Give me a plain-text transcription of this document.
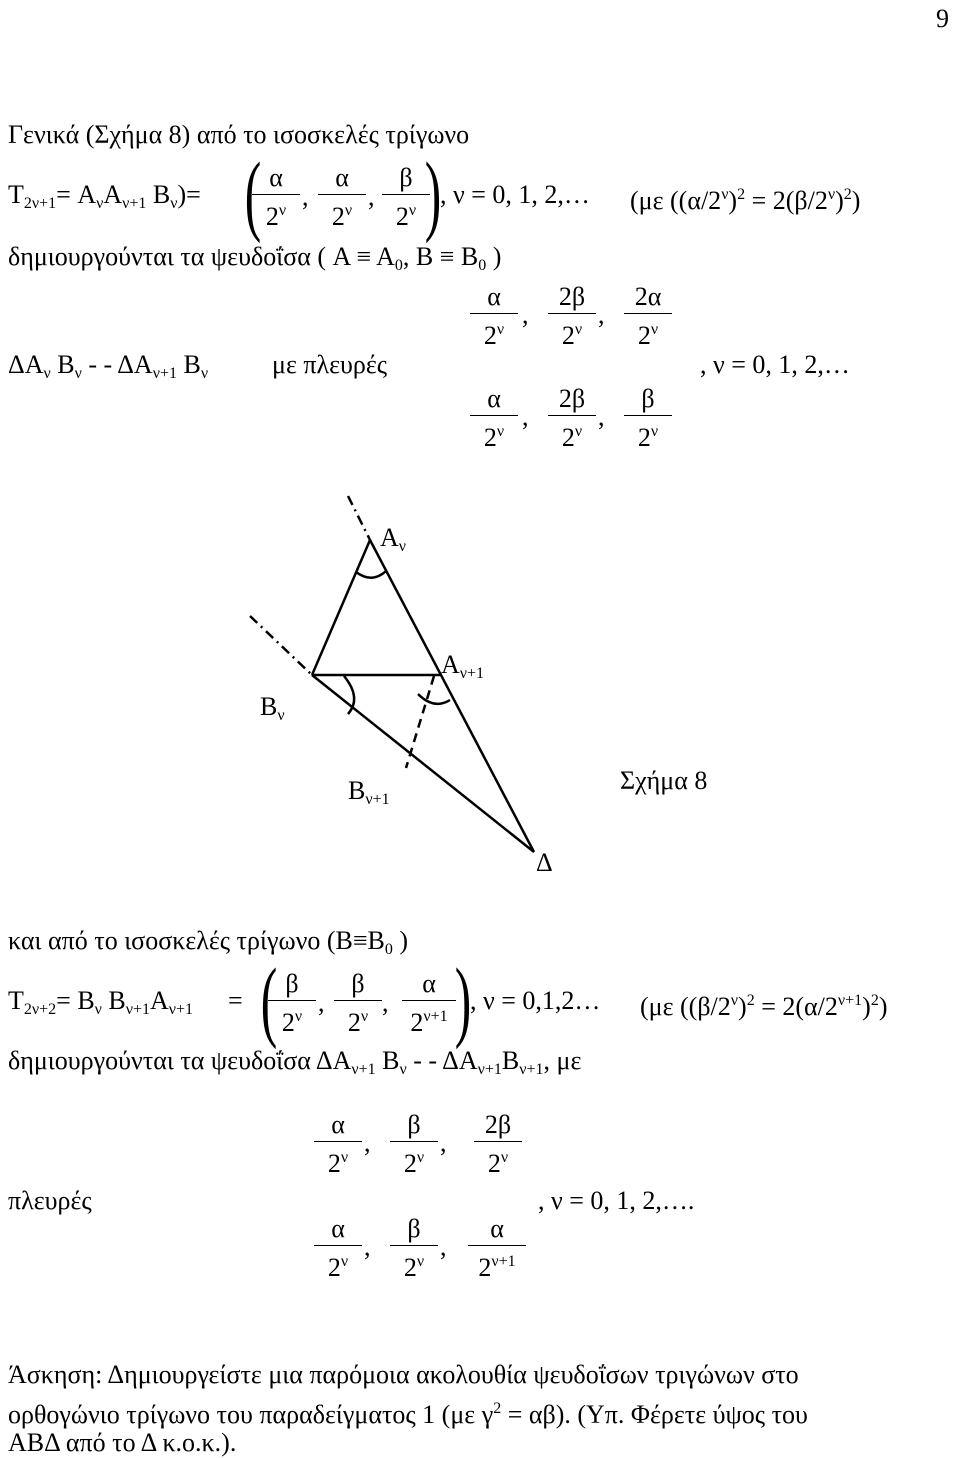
9
Γενικά (Σχήμα 8) από το ισοσκελές τρίγωνο
T2ν+1= AνAν+1 Bν)= ( α
$2^\nu$ ,
α
$2^\nu$ ,
β
$2^\nu$ )
, ν = 0, 1, 2,… (με $((\alpha/2^\nu)^2 = 2(\beta/2^\nu)^2)$
δημιουργούνται τα ψευδοΐσα ( A ≡ A0, B ≡ B0 )
α
$2^\nu$
,
2β
$2^\nu$
,
2α
$2^\nu$
ΔAν Bν - - ΔAν+1 Bν με πλευρές	, ν = 0, 1, 2,…
α
$2^\nu$
,
2β
$2^\nu$
,
β
$2^\nu$
Aν
Aν+1
Bν
Bν+1
Δ
Σχήμα 8
και από το ισοσκελές τρίγωνο (B≡B0 )
T2ν+2= Bν Bν+1Aν+1 = ( β
$2^\nu$ ,
β
$2^\nu$ ,
α
$2^{\nu+1}$ )
, ν = 0,1,2… (με $((\beta/2^\nu)^2 = 2(\alpha/2^{\nu+1})^2)$
δημιουργούνται τα ψευδοΐσα ΔAν+1 Bν - - ΔAν+1Bν+1, με
α
$2^\nu$
,
β
$2^\nu$
,
2β
$2^\nu$
πλευρές	, ν = 0, 1, 2,….
α
$2^\nu$
,
β
$2^\nu$
,
α
$2^{\nu+1}$
Άσκηση: Δημιουργείστε μια παρόμοια ακολουθία ψευδοΐσων τριγώνων στο
ορθογώνιο τρίγωνο του παραδείγματος 1 (με $\gamma^2 = \alpha\beta$). (Υπ. Φέρετε ύψος του
ABΔ από το Δ κ.ο.κ.).
